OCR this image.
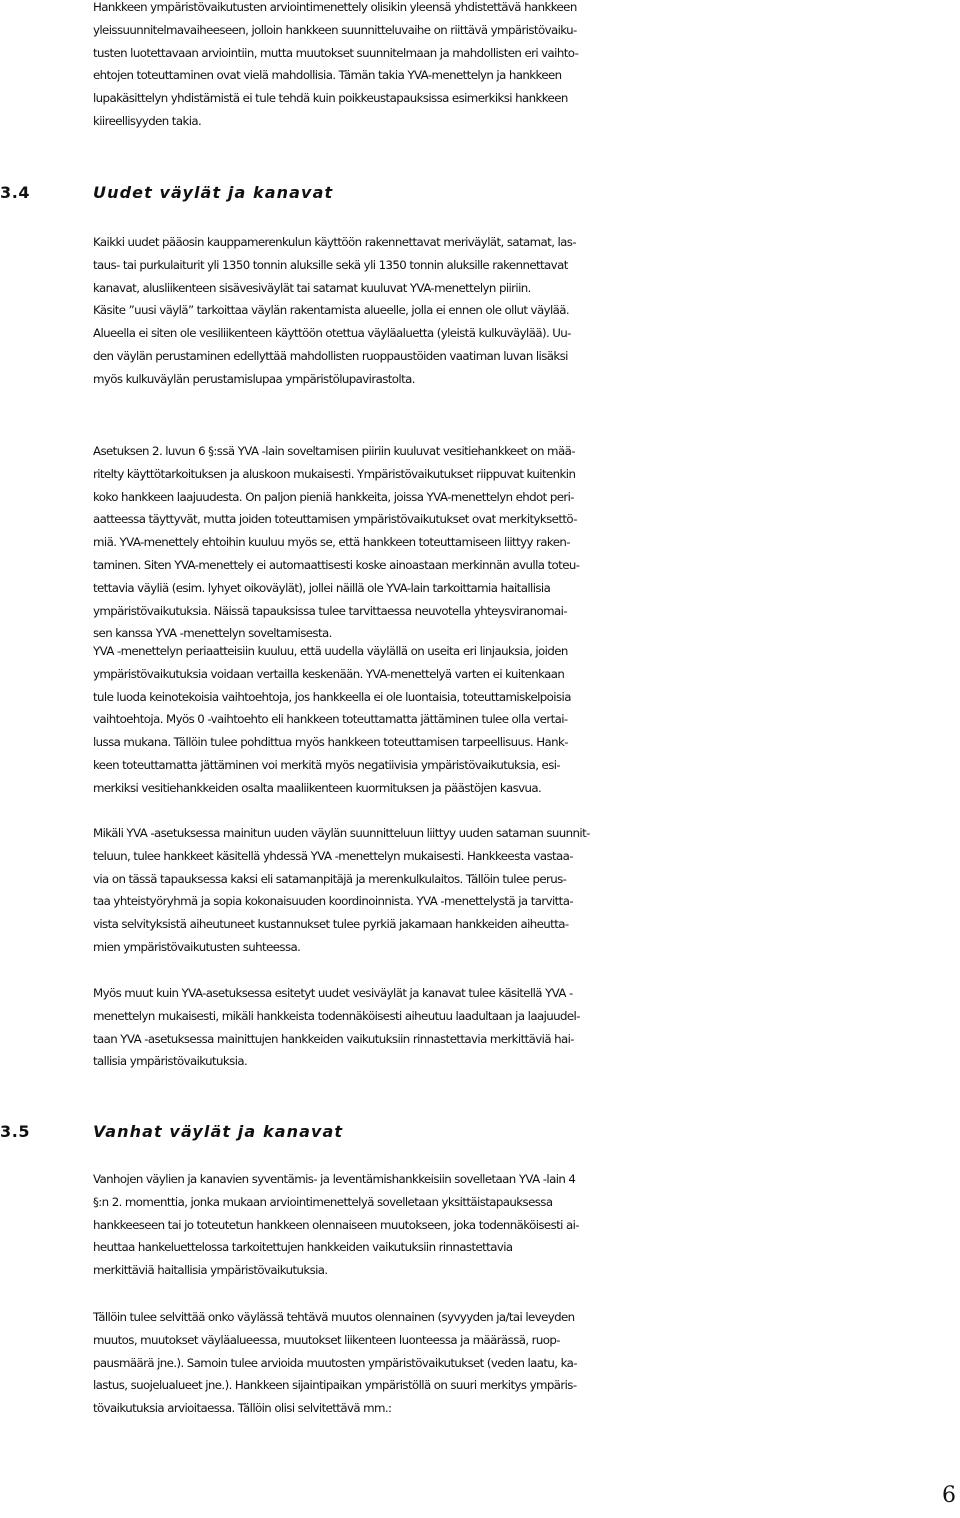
Hankkeen ympäristövaikutusten arviointimenettely olisikin yleensä yhdistettävä hankkeen
yleissuunnitelmavaiheeseen, jolloin hankkeen suunnitteluvaihe on riittävä ympäristövaiku-
tusten luotettavaan arviointiin, mutta muutokset suunnitelmaan ja mahdollisten eri vaihto-
ehtojen toteuttaminen ovat vielä mahdollisia. Tämän takia YVA-menettelyn ja hankkeen
lupakäsittelyn yhdistämistä ei tule tehdä kuin poikkeustapauksissa esimerkiksi hankkeen
kiireellisyyden takia.
3.4	Uudet väylät ja kanavat
Kaikki uudet pääosin kauppamerenkulun käyttöön rakennettavat meriväylät, satamat, las-
taus- tai purkulaiturit yli 1350 tonnin aluksille sekä yli 1350 tonnin aluksille rakennettavat
kanavat, alusliikenteen sisävesiväylät tai satamat kuuluvat YVA-menettelyn piiriin.
Käsite ”uusi väylä” tarkoittaa väylän rakentamista alueelle, jolla ei ennen ole ollut väylää.
Alueella ei siten ole vesiliikenteen käyttöön otettua väyläaluetta (yleistä kulkuväylää). Uu-
den väylän perustaminen edellyttää mahdollisten ruoppaustöiden vaatiman luvan lisäksi
myös kulkuväylän perustamislupaa ympäristölupavirastolta.
Asetuksen 2. luvun 6 §:ssä YVA -lain soveltamisen piiriin kuuluvat vesitiehankkeet on mää-
ritelty käyttötarkoituksen ja aluskoon mukaisesti. Ympäristövaikutukset riippuvat kuitenkin
koko hankkeen laajuudesta. On paljon pieniä hankkeita, joissa YVA-menettelyn ehdot peri-
aatteessa täyttyvät, mutta joiden toteuttamisen ympäristövaikutukset ovat merkityksettö-
miä. YVA-menettely ehtoihin kuuluu myös se, että hankkeen toteuttamiseen liittyy raken-
taminen. Siten YVA-menettely ei automaattisesti koske ainoastaan merkinnän avulla toteu-
tettavia väyliä (esim. lyhyet oikoväylät), jollei näillä ole YVA-lain tarkoittamia haitallisia
ympäristövaikutuksia. Näissä tapauksissa tulee tarvittaessa neuvotella yhteysviranomai-
sen kanssa YVA -menettelyn soveltamisesta.
YVA -menettelyn periaatteisiin kuuluu, että uudella väylällä on useita eri linjauksia, joiden
ympäristövaikutuksia voidaan vertailla keskenään. YVA-menettelyä varten ei kuitenkaan
tule luoda keinotekoisia vaihtoehtoja, jos hankkeella ei ole luontaisia, toteuttamiskelpoisia
vaihtoehtoja. Myös 0 -vaihtoehto eli hankkeen toteuttamatta jättäminen tulee olla vertai-
lussa mukana. Tällöin tulee pohdittua myös hankkeen toteuttamisen tarpeellisuus. Hank-
keen toteuttamatta jättäminen voi merkitä myös negatiivisia ympäristövaikutuksia, esi-
merkiksi vesitiehankkeiden osalta maaliikenteen kuormituksen ja päästöjen kasvua.
Mikäli YVA -asetuksessa mainitun uuden väylän suunnitteluun liittyy uuden sataman suunnit-
teluun, tulee hankkeet käsitellä yhdessä YVA -menettelyn mukaisesti. Hankkeesta vastaa-
via on tässä tapauksessa kaksi eli satamanpitäjä ja merenkulkulaitos. Tällöin tulee perus-
taa yhteistyöryhmä ja sopia kokonaisuuden koordinoinnista. YVA -menettelystä ja tarvitta-
vista selvityksistä aiheutuneet kustannukset tulee pyrkiä jakamaan hankkeiden aiheutta-
mien ympäristövaikutusten suhteessa.
Myös muut kuin YVA-asetuksessa esitetyt uudet vesiväylät ja kanavat tulee käsitellä YVA -
menettelyn mukaisesti, mikäli hankkeista todennäköisesti aiheutuu laadultaan ja laajuudel-
taan YVA -asetuksessa mainittujen hankkeiden vaikutuksiin rinnastettavia merkittäviä hai-
tallisia ympäristövaikutuksia.
3.5	Vanhat väylät ja kanavat
Vanhojen väylien ja kanavien syventämis- ja leventämishankkeisiin sovelletaan YVA -lain 4
§:n 2. momenttia, jonka mukaan arviointimenettelyä sovelletaan yksittäistapauksessa
hankkeeseen tai jo toteutetun hankkeen olennaiseen muutokseen, joka todennäköisesti ai-
heuttaa hankeluettelossa tarkoitettujen hankkeiden vaikutuksiin rinnastettavia
merkittäviä haitallisia ympäristövaikutuksia.
Tällöin tulee selvittää onko väylässä tehtävä muutos olennainen (syvyyden ja/tai leveyden
muutos, muutokset väyläalueessa, muutokset liikenteen luonteessa ja määrässä, ruop-
pausmäärä jne.). Samoin tulee arvioida muutosten ympäristövaikutukset (veden laatu, ka-
lastus, suojelualueet jne.). Hankkeen sijaintipaikan ympäristöllä on suuri merkitys ympäris-
tövaikutuksia arvioitaessa. Tällöin olisi selvitettävä mm.:
6
